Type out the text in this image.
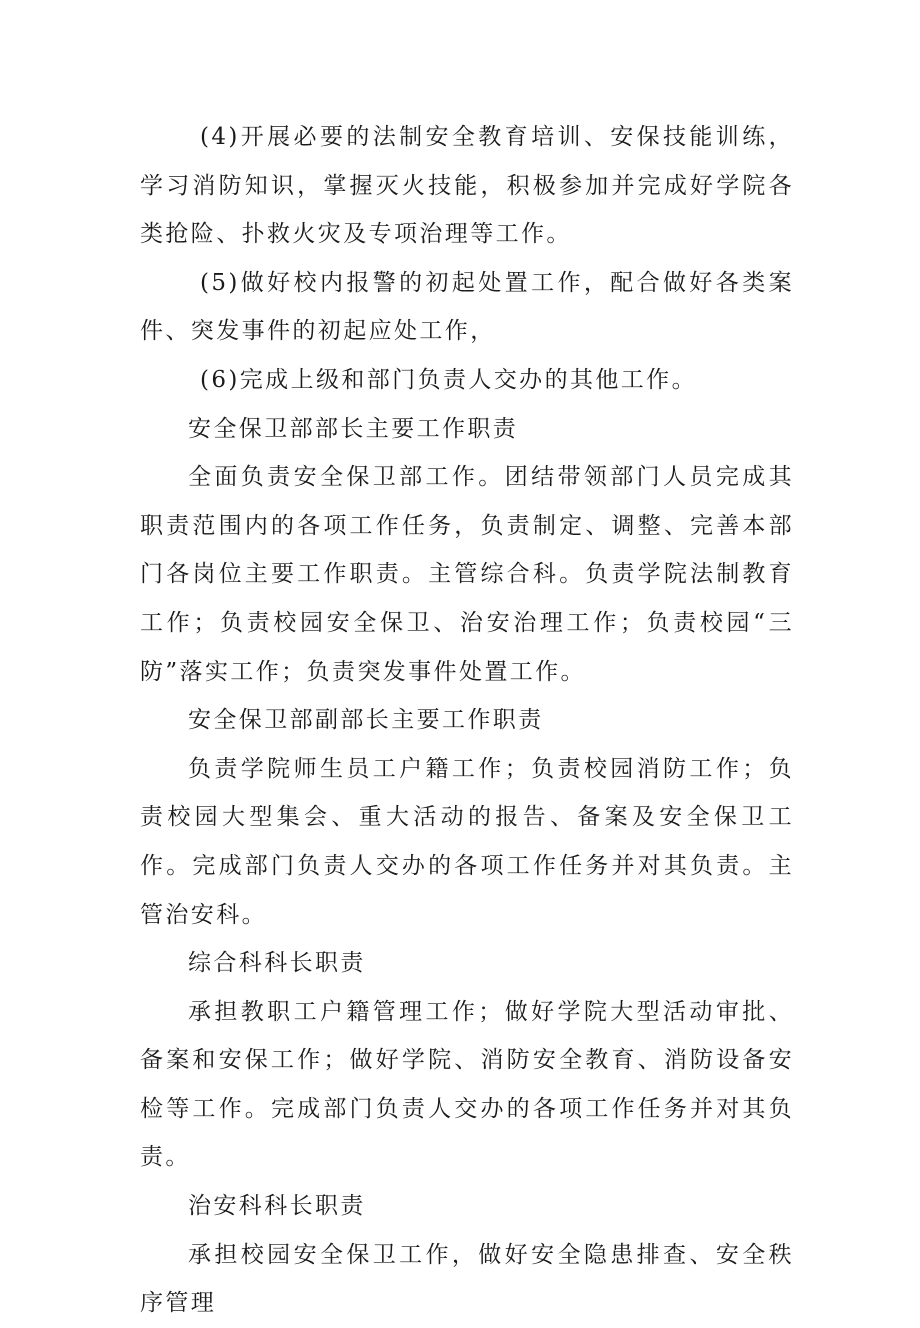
(4)开展必要的法制安全教育培训、安保技能训练，学习消防知识，掌握灭火技能，积极参加并完成好学院各类抢险、扑救火灾及专项治理等工作。

(5)做好校内报警的初起处置工作，配合做好各类案件、突发事件的初起应处工作，

(6)完成上级和部门负责人交办的其他工作。

安全保卫部部长主要工作职责

全面负责安全保卫部工作。团结带领部门人员完成其职责范围内的各项工作任务，负责制定、调整、完善本部门各岗位主要工作职责。主管综合科。负责学院法制教育工作；负责校园安全保卫、治安治理工作；负责校园“三防”落实工作；负责突发事件处置工作。

安全保卫部副部长主要工作职责

负责学院师生员工户籍工作；负责校园消防工作；负责校园大型集会、重大活动的报告、备案及安全保卫工作。完成部门负责人交办的各项工作任务并对其负责。主管治安科。

综合科科长职责

承担教职工户籍管理工作；做好学院大型活动审批、备案和安保工作；做好学院、消防安全教育、消防设备安检等工作。完成部门负责人交办的各项工作任务并对其负责。

治安科科长职责

承担校园安全保卫工作，做好安全隐患排查、安全秩序管理
